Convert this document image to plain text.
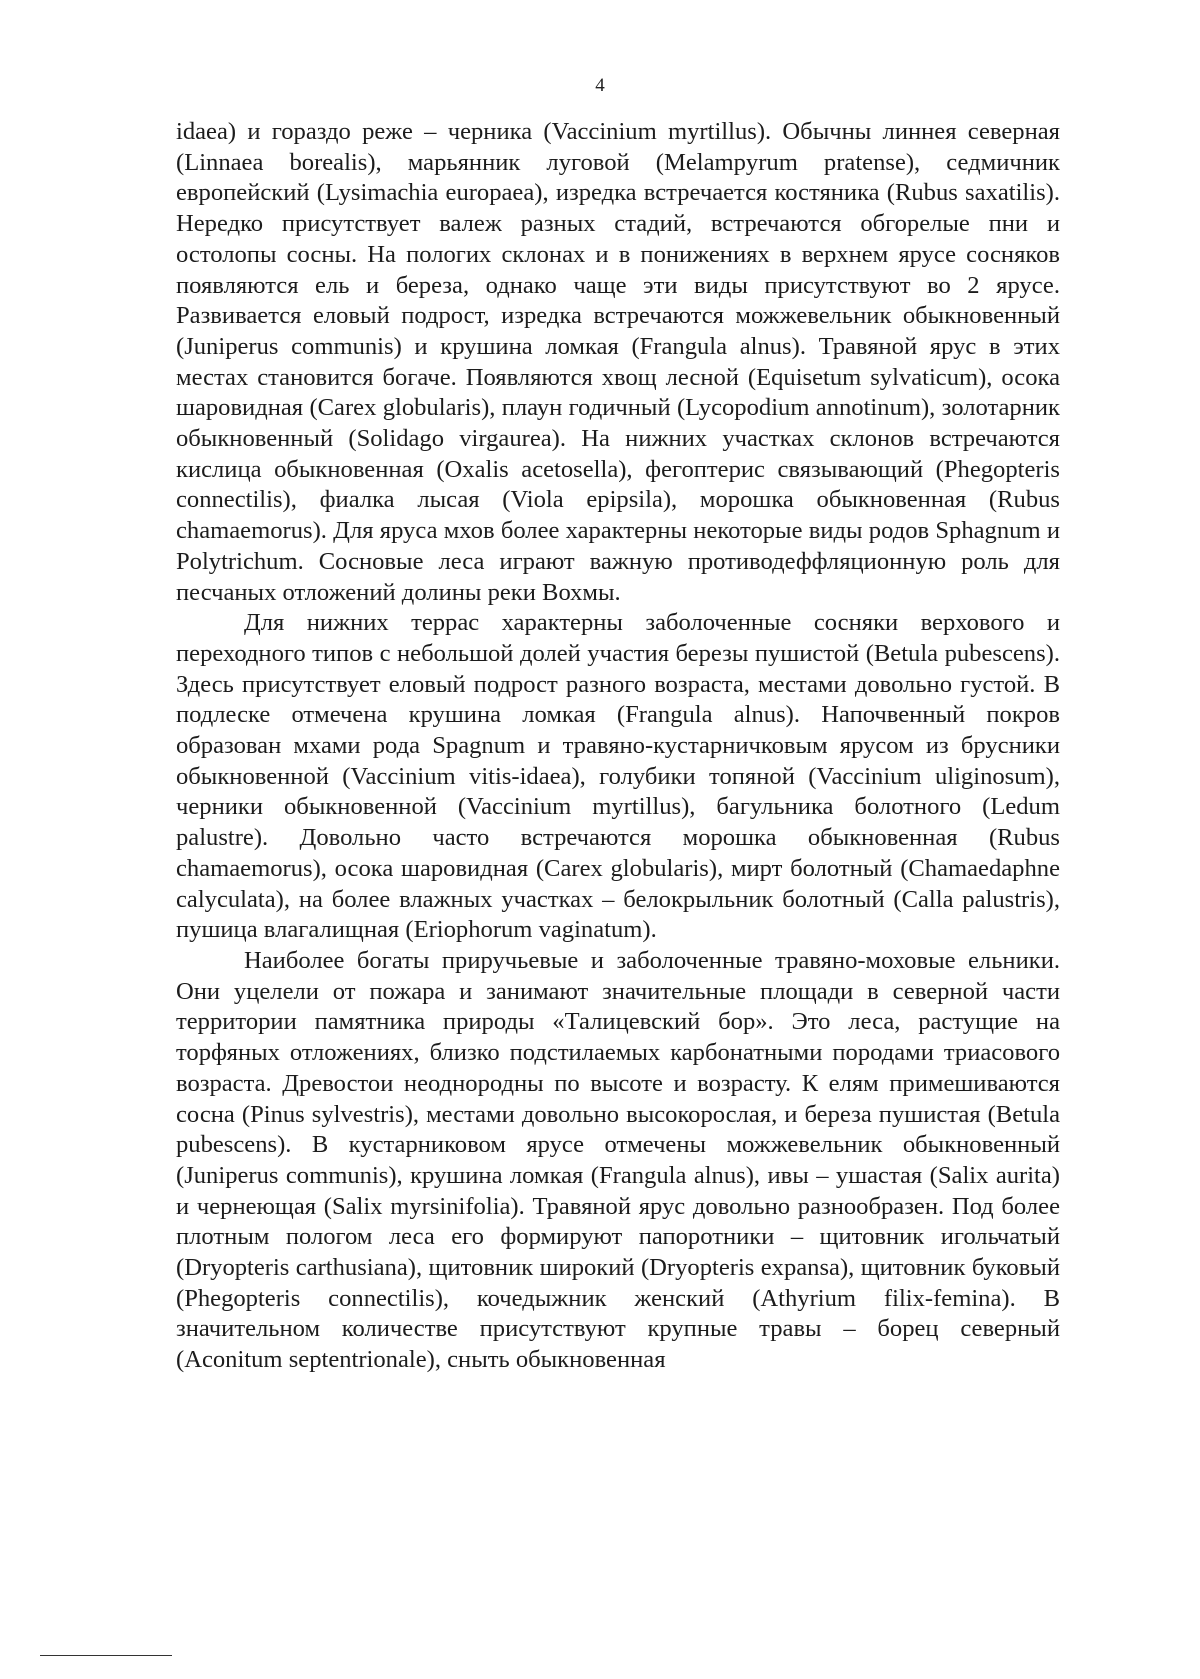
4

idaea) и гораздо реже – черника (Vaccinium myrtillus). Обычны линнея северная (Linnaea borealis), марьянник луговой (Melampyrum pratense), седмичник европейский (Lysimachia europaea), изредка встречается костяника (Rubus saxatilis). Нередко присутствует валеж разных стадий, встречаются обгорелые пни и остолопы сосны. На пологих склонах и в понижениях в верхнем ярусе сосняков появляются ель и береза, однако чаще эти виды присутствуют во 2 ярусе. Развивается еловый подрост, изредка встречаются можжевельник обыкновенный (Juniperus communis) и крушина ломкая (Frangula alnus). Травяной ярус в этих местах становится богаче. Появляются хвощ лесной (Equisetum sylvaticum), осока шаровидная (Carex globularis), плаун годичный (Lycopodium annotinum), золотарник обыкновенный (Solidago virgaurea). На нижних участках склонов встречаются кислица обыкновенная (Oxalis acetosella), фегоптерис связывающий (Phegopteris connectilis), фиалка лысая (Viola epipsila), морошка обыкновенная (Rubus chamaemorus). Для яруса мхов более характерны некоторые виды родов Sphagnum и Polytrichum. Сосновые леса играют важную противодеффляционную роль для песчаных отложений долины реки Вохмы.

Для нижних террас характерны заболоченные сосняки верхового и переходного типов с небольшой долей участия березы пушистой (Betula pubescens). Здесь присутствует еловый подрост разного возраста, местами довольно густой. В подлеске отмечена крушина ломкая (Frangula alnus). Напочвенный покров образован мхами рода Spagnum и травяно-кустарничковым ярусом из брусники обыкновенной (Vaccinium vitis-idaea), голубики топяной (Vaccinium uliginosum), черники обыкновенной (Vaccinium myrtillus), багульника болотного (Ledum palustre). Довольно часто встречаются морошка обыкновенная (Rubus chamaemorus), осока шаровидная (Carex globularis), мирт болотный (Chamaedaphne calyculata), на более влажных участках – белокрыльник болотный (Calla palustris), пушица влагалищная (Eriophorum vaginatum).

Наиболее богаты приручьевые и заболоченные травяно-моховые ельники. Они уцелели от пожара и занимают значительные площади в северной части территории памятника природы «Талицевский бор». Это леса, растущие на торфяных отложениях, близко подстилаемых карбонатными породами триасового возраста. Древостои неоднородны по высоте и возрасту. К елям примешиваются сосна (Pinus sylvestris), местами довольно высокорослая, и береза пушистая (Betula pubescens). В кустарниковом ярусе отмечены можжевельник обыкновенный (Juniperus communis), крушина ломкая (Frangula alnus), ивы – ушастая (Salix aurita) и чернеющая (Salix myrsinifolia). Травяной ярус довольно разнообразен. Под более плотным пологом леса его формируют папоротники – щитовник игольчатый (Dryopteris carthusiana), щитовник широкий (Dryopteris expansa), щитовник буковый (Phegopteris connectilis), кочедыжник женский (Athyrium filix-femina). В значительном количестве присутствуют крупные травы – борец северный (Aconitum septentrionale), сныть обыкновенная
